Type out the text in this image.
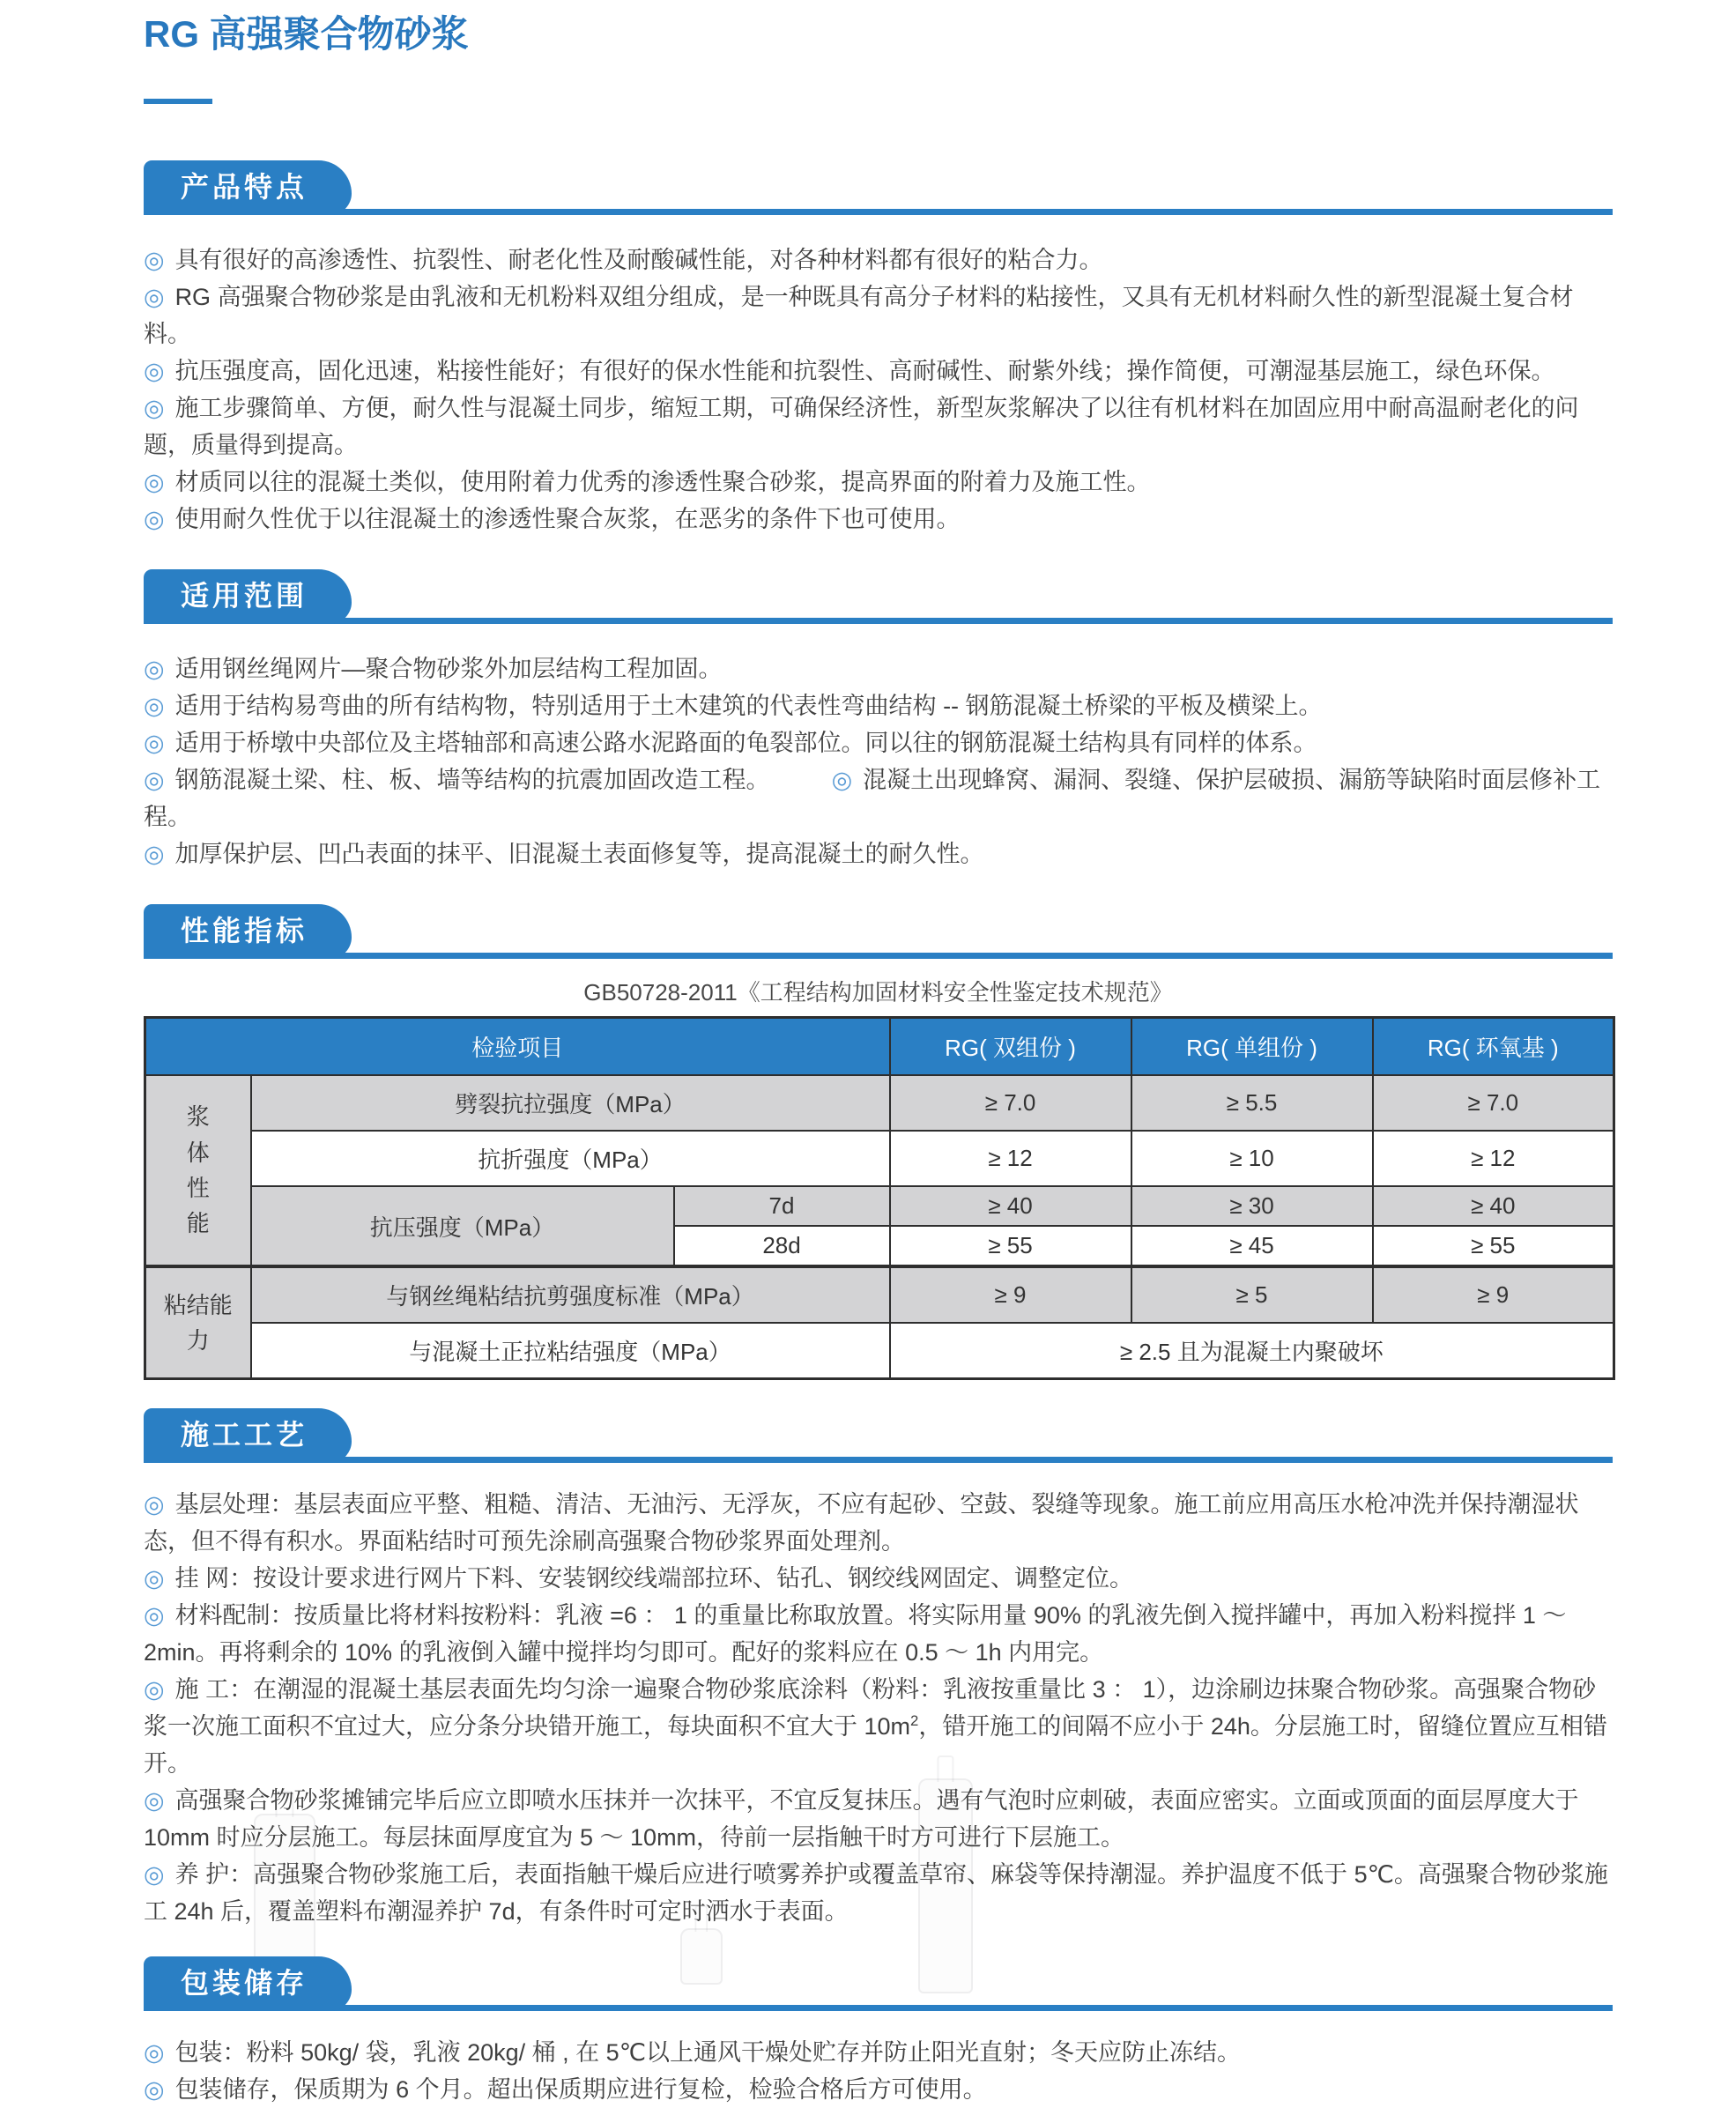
RG 高强聚合物砂浆
产品特点

◎ 具有很好的高渗透性、抗裂性、耐老化性及耐酸碱性能，对各种材料都有很好的粘合力。

◎ RG 高强聚合物砂浆是由乳液和无机粉料双组分组成，是一种既具有高分子材料的粘接性，又具有无机材料耐久性的新型混凝土复合材料。

◎ 抗压强度高，固化迅速，粘接性能好；有很好的保水性能和抗裂性、高耐碱性、耐紫外线；操作简便，可潮湿基层施工，绿色环保。

◎ 施工步骤简单、方便，耐久性与混凝土同步，缩短工期，可确保经济性，新型灰浆解决了以往有机材料在加固应用中耐高温耐老化的问题，质量得到提高。

◎ 材质同以往的混凝土类似，使用附着力优秀的渗透性聚合砂浆，提高界面的附着力及施工性。

◎ 使用耐久性优于以往混凝土的渗透性聚合灰浆，在恶劣的条件下也可使用。

适用范围

◎ 适用钢丝绳网片—聚合物砂浆外加层结构工程加固。

◎ 适用于结构易弯曲的所有结构物，特别适用于土木建筑的代表性弯曲结构 -- 钢筋混凝土桥梁的平板及横梁上。

◎ 适用于桥墩中央部位及主塔轴部和高速公路水泥路面的龟裂部位。同以往的钢筋混凝土结构具有同样的体系。

◎ 钢筋混凝土梁、柱、板、墙等结构的抗震加固改造工程。	◎ 混凝土出现蜂窝、漏洞、裂缝、保护层破损、漏筋等缺陷时面层修补工程。

◎ 加厚保护层、凹凸表面的抹平、旧混凝土表面修复等，提高混凝土的耐久性。

性能指标

GB50728-2011《工程结构加固材料安全性鉴定技术规范》

检验项目			RG( 双组份 )	RG( 单组份 )	RG( 环氧基 )

浆体性能	劈裂抗拉强度（MPa）		≥ 7.0	≥ 5.5	≥ 7.0
	抗折强度（MPa）		≥ 12	≥ 10	≥ 12
	抗压强度（MPa）	7d	≥ 40	≥ 30	≥ 40
		28d	≥ 55	≥ 45	≥ 55

粘结能力	与钢丝绳粘结抗剪强度标准（MPa）		≥ 9	≥ 5	≥ 9
	与混凝土正拉粘结强度（MPa）		≥ 2.5 且为混凝土内聚破坏		
施工工艺

◎ 基层处理：基层表面应平整、粗糙、清洁、无油污、无浮灰，不应有起砂、空鼓、裂缝等现象。施工前应用高压水枪冲洗并保持潮湿状态，但不得有积水。界面粘结时可预先涂刷高强聚合物砂浆界面处理剂。

◎ 挂 网：按设计要求进行网片下料、安装钢绞线端部拉环、钻孔、钢绞线网固定、调整定位。

◎ 材料配制：按质量比将材料按粉料：乳液 =6 ： 1 的重量比称取放置。将实际用量 90% 的乳液先倒入搅拌罐中，再加入粉料搅拌 1 ～ 2min。再将剩余的 10% 的乳液倒入罐中搅拌均匀即可。配好的浆料应在 0.5 ～ 1h 内用完。

◎ 施 工：在潮湿的混凝土基层表面先均匀涂一遍聚合物砂浆底涂料（粉料：乳液按重量比 3 ： 1），边涂刷边抹聚合物砂浆。高强聚合物砂浆一次施工面积不宜过大，应分条分块错开施工，每块面积不宜大于 $10m^2$，错开施工的间隔不应小于 24h。分层施工时，留缝位置应互相错开。

◎ 高强聚合物砂浆摊铺完毕后应立即喷水压抹并一次抹平，不宜反复抹压。遇有气泡时应刺破，表面应密实。立面或顶面的面层厚度大于 10mm 时应分层施工。每层抹面厚度宜为 5 ～ 10mm，待前一层指触干时方可进行下层施工。

◎ 养 护：高强聚合物砂浆施工后，表面指触干燥后应进行喷雾养护或覆盖草帘、麻袋等保持潮湿。养护温度不低于 5℃。高强聚合物砂浆施工 24h 后，覆盖塑料布潮湿养护 7d，有条件时可定时洒水于表面。

包装储存

◎ 包装：粉料 50kg/ 袋，乳液 20kg/ 桶 , 在 5℃以上通风干燥处贮存并防止阳光直射；冬天应防止冻结。

◎ 包装储存，保质期为 6 个月。超出保质期应进行复检，检验合格后方可使用。
